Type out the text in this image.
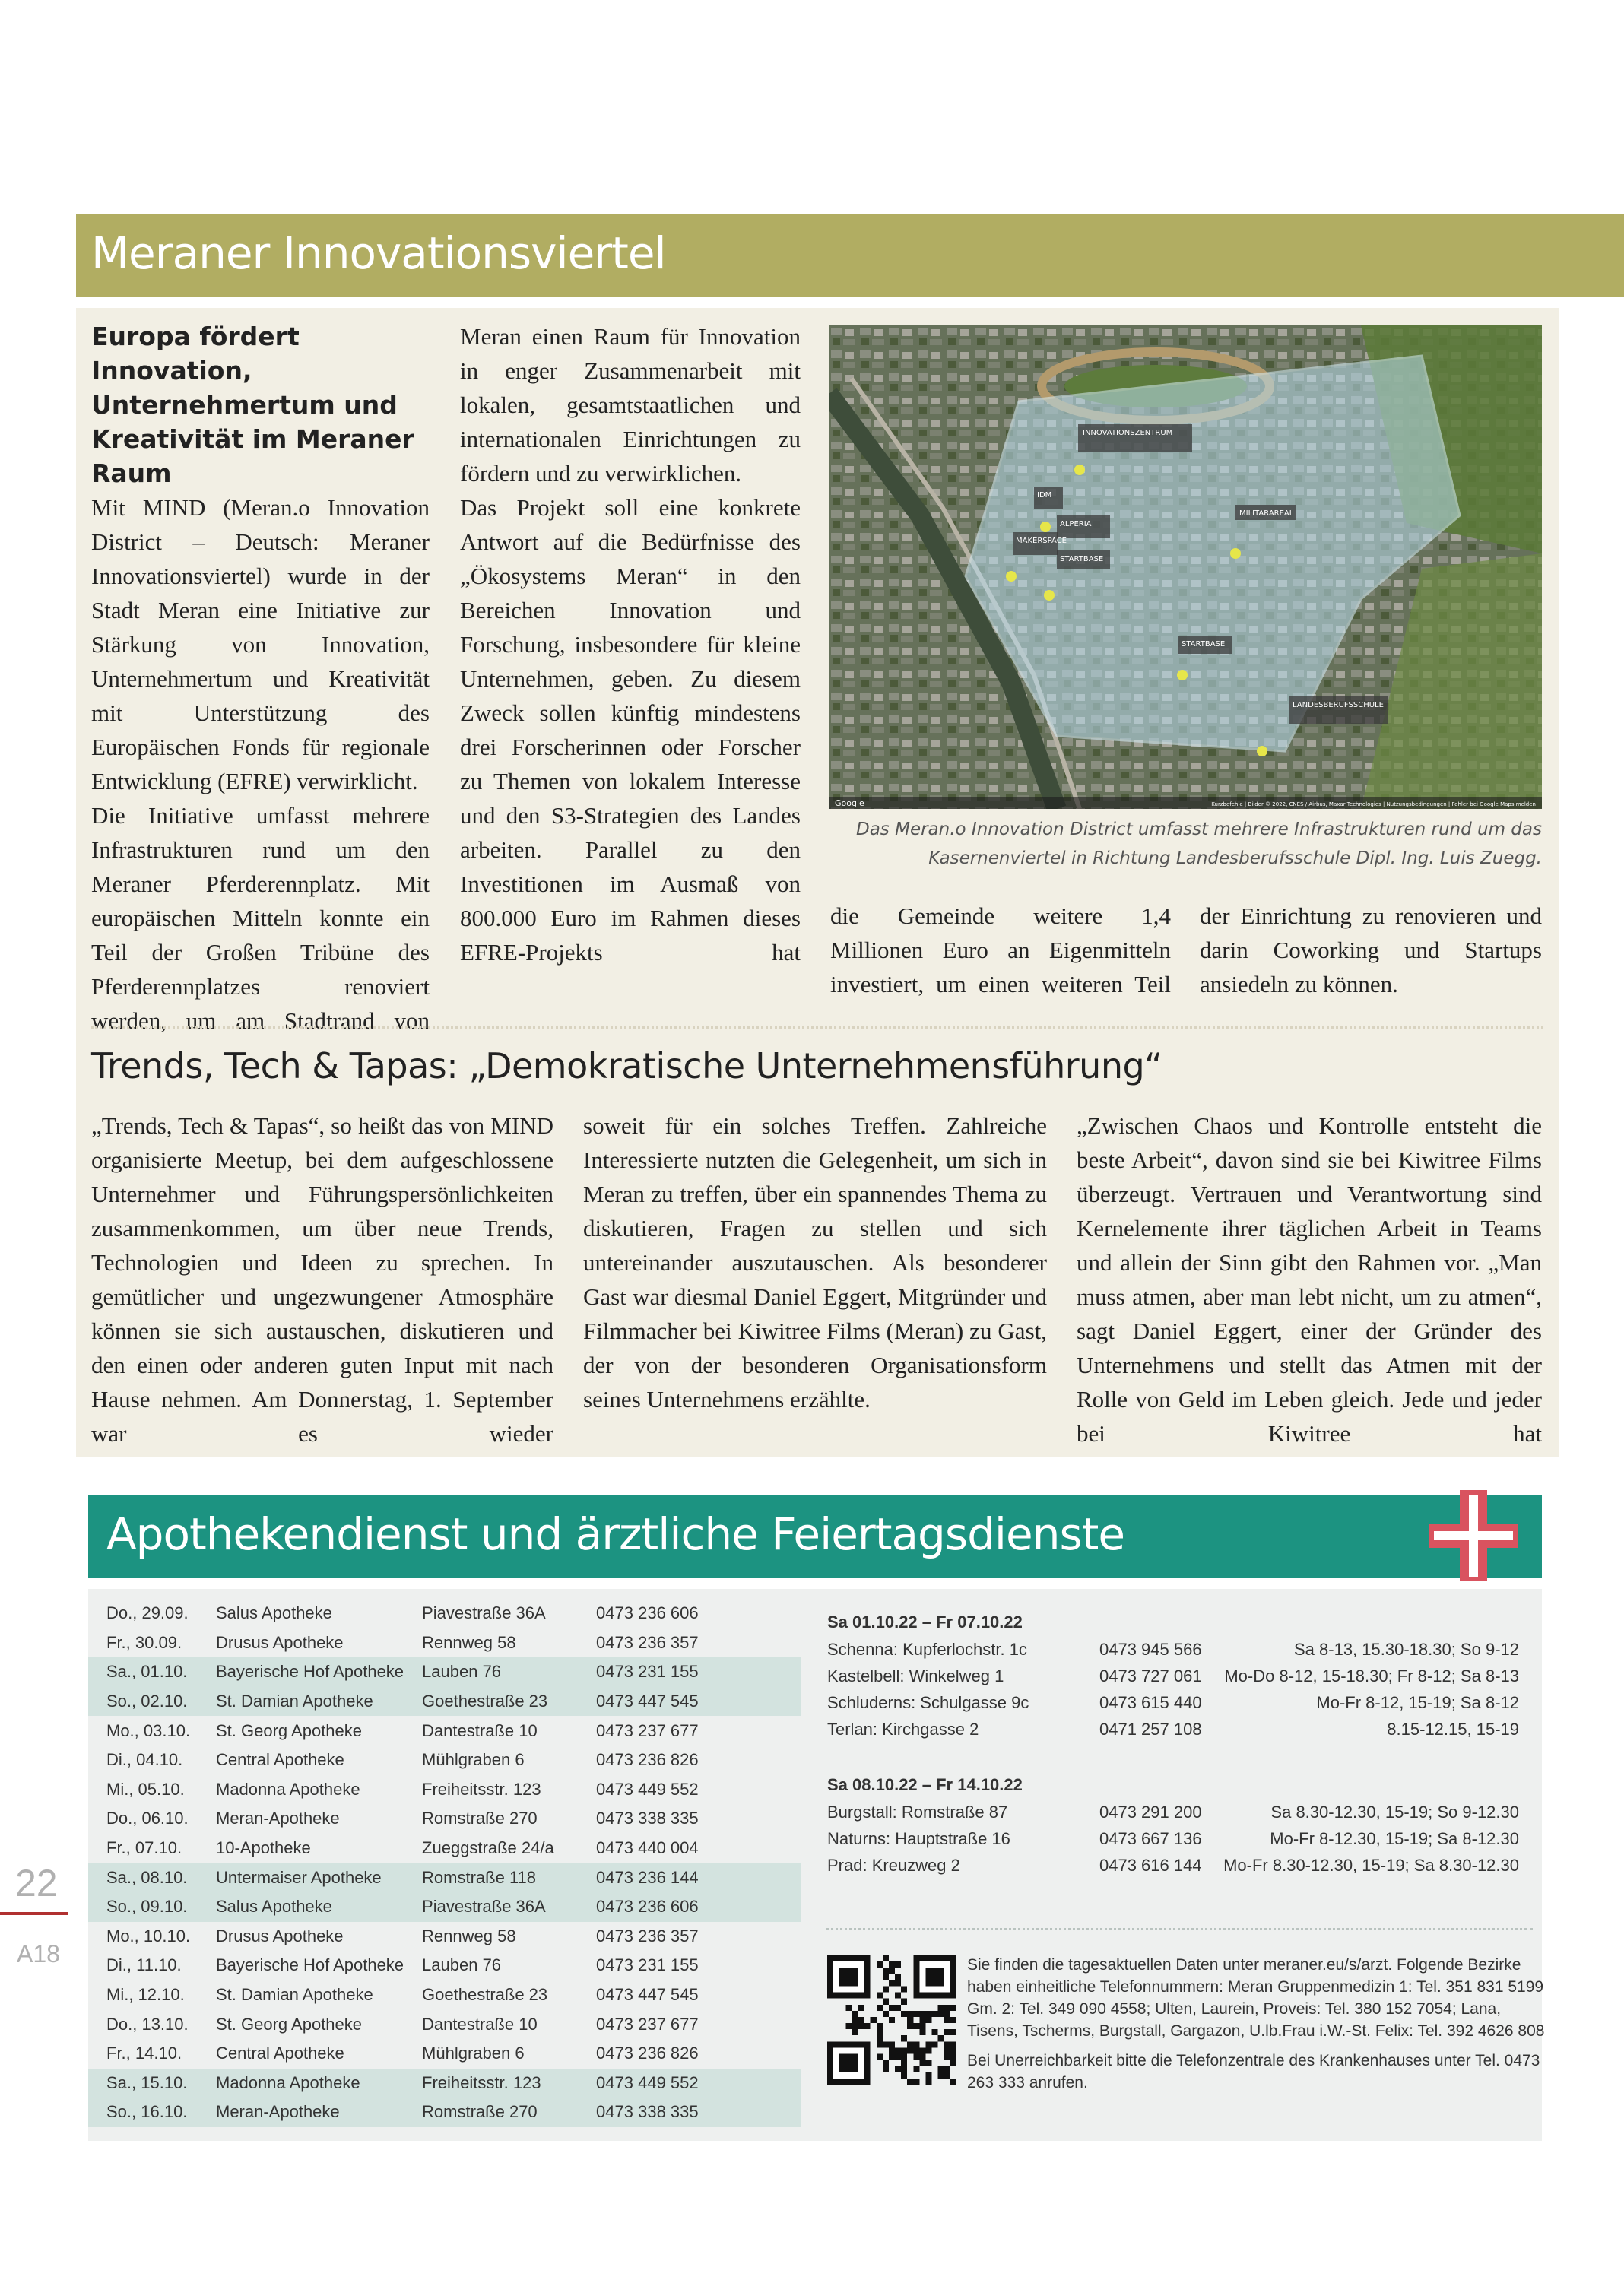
Meraner Innovationsviertel

Europa fördert Innovation, Unternehmertum und Kreativität im Meraner Raum

Mit MIND (Meran.o Innovation District – Deutsch: Meraner Innovationsviertel) wurde in der Stadt Meran eine Initiative zur Stärkung von Innovation, Unternehmertum und Kreativität mit Unterstützung des Europäischen Fonds für regionale Entwicklung (EFRE) verwirklicht.

Die Initiative umfasst mehrere Infrastrukturen rund um den Meraner Pferderennplatz. Mit europäischen Mitteln konnte ein Teil der Großen Tribüne des Pferderennplatzes renoviert werden, um am Stadtrand von

Meran einen Raum für Innovation in enger Zusammenarbeit mit lokalen, gesamtstaatlichen und internationalen Einrichtungen zu fördern und zu verwirklichen.

Das Projekt soll eine konkrete Antwort auf die Bedürfnisse des „Ökosystems Meran“ in den Bereichen Innovation und Forschung, insbesondere für kleine Unternehmen, geben. Zu diesem Zweck sollen künftig mindestens drei Forscherinnen oder Forscher zu Themen von lokalem Interesse und den S3-Strategien des Landes arbeiten. Parallel zu den Investitionen im Ausmaß von 800.000 Euro im Rahmen dieses EFRE-Projekts hat

INNOVATIONSZENTRUM
MILITÄRAREAL
IDM
ALPERIA
MAKERSPACE
STARTBASE
STARTBASE
LANDESBERUFSSCHULE
Google	Kurzbefehle | Bilder © 2022, CNES / Airbus, Maxar Technologies | Nutzungsbedingungen | Fehler bei Google Maps melden
Das Meran.o Innovation District umfasst mehrere Infrastrukturen rund um das Kasernenviertel in Richtung Landesberufsschule Dipl. Ing. Luis Zuegg.

die Gemeinde weitere 1,4 Millionen Euro an Eigenmitteln investiert, um einen weiteren Teil

der Einrichtung zu renovieren und darin Coworking und Startups ansiedeln zu können.

Trends, Tech & Tapas: „Demokratische Unternehmensführung“

„Trends, Tech & Tapas“, so heißt das von MIND organisierte Meetup, bei dem aufgeschlossene Unternehmer und Führungspersönlichkeiten zusammenkommen, um über neue Trends, Technologien und Ideen zu sprechen. In gemütlicher und ungezwungener Atmosphäre können sie sich austauschen, diskutieren und den einen oder anderen guten Input mit nach Hause nehmen. Am Donnerstag, 1. September war es wieder

soweit für ein solches Treffen. Zahlreiche Interessierte nutzten die Gelegenheit, um sich in Meran zu treffen, über ein spannendes Thema zu diskutieren, Fragen zu stellen und sich untereinander auszutauschen. Als besonderer Gast war diesmal Daniel Eggert, Mitgründer und Filmmacher bei Kiwitree Films (Meran) zu Gast, der von der besonderen Organisationsform seines Unternehmens erzählte.

„Zwischen Chaos und Kontrolle entsteht die beste Arbeit“, davon sind sie bei Kiwitree Films überzeugt. Vertrauen und Verantwortung sind Kernelemente ihrer täglichen Arbeit in Teams und allein der Sinn gibt den Rahmen vor. „Man muss atmen, aber man lebt nicht, um zu atmen“, sagt Daniel Eggert, einer der Gründer des Unternehmens und stellt das Atmen mit der Rolle von Geld im Leben gleich. Jede und jeder bei Kiwitree hat

Apothekendienst und ärztliche Feiertagsdienste
Do., 29.09.	Salus Apotheke	Piavestraße 36A	0473 236 606
Fr., 30.09.	Drusus Apotheke	Rennweg 58	0473 236 357
Sa., 01.10.	Bayerische Hof Apotheke	Lauben 76	0473 231 155
So., 02.10.	St. Damian Apotheke	Goethestraße 23	0473 447 545
Mo., 03.10.	St. Georg Apotheke	Dantestraße 10	0473 237 677
Di., 04.10.	Central Apotheke	Mühlgraben 6	0473 236 826
Mi., 05.10.	Madonna Apotheke	Freiheitsstr. 123	0473 449 552
Do., 06.10.	Meran-Apotheke	Romstraße 270	0473 338 335
Fr., 07.10.	10-Apotheke	Zueggstraße 24/a	0473 440 004
Sa., 08.10.	Untermaiser Apotheke	Romstraße 118	0473 236 144
So., 09.10.	Salus Apotheke	Piavestraße 36A	0473 236 606
Mo., 10.10.	Drusus Apotheke	Rennweg 58	0473 236 357
Di., 11.10.	Bayerische Hof Apotheke	Lauben 76	0473 231 155
Mi., 12.10.	St. Damian Apotheke	Goethestraße 23	0473 447 545
Do., 13.10.	St. Georg Apotheke	Dantestraße 10	0473 237 677
Fr., 14.10.	Central Apotheke	Mühlgraben 6	0473 236 826
Sa., 15.10.	Madonna Apotheke	Freiheitsstr. 123	0473 449 552
So., 16.10.	Meran-Apotheke	Romstraße 270	0473 338 335
Sa 01.10.22 – Fr 07.10.22
Schenna: Kupferlochstr. 1c	0473 945 566	Sa 8-13, 15.30-18.30; So 9-12
Kastelbell: Winkelweg 1	0473 727 061 Mo-Do 8-12, 15-18.30; Fr 8-12; Sa 8-13
Schluderns: Schulgasse 9c	0473 615 440	Mo-Fr 8-12, 15-19; Sa 8-12
Terlan: Kirchgasse 2	0471 257 108	8.15-12.15, 15-19
Sa 08.10.22 – Fr 14.10.22
Burgstall: Romstraße 87	0473 291 200	Sa 8.30-12.30, 15-19; So 9-12.30
Naturns: Hauptstraße 16	0473 667 136	Mo-Fr 8-12.30, 15-19; Sa 8-12.30
Prad: Kreuzweg 2	0473 616 144 Mo-Fr 8.30-12.30, 15-19; Sa 8.30-12.30

Sie finden die tagesaktuellen Daten unter meraner.eu/s/arzt. Folgende Bezirke haben einheitliche Telefonnummern: Meran Gruppenmedizin 1: Tel. 351 831 5199 Gm. 2: Tel. 349 090 4558; Ulten, Laurein, Proveis: Tel. 380 152 7054; Lana, Tisens, Tscherms, Burgstall, Gargazon, U.lb.Frau i.W.-St. Felix: Tel. 392 4626 808

Bei Unerreichbarkeit bitte die Telefonzentrale des Krankenhauses unter Tel. 0473 263 333 anrufen.

22
A18
